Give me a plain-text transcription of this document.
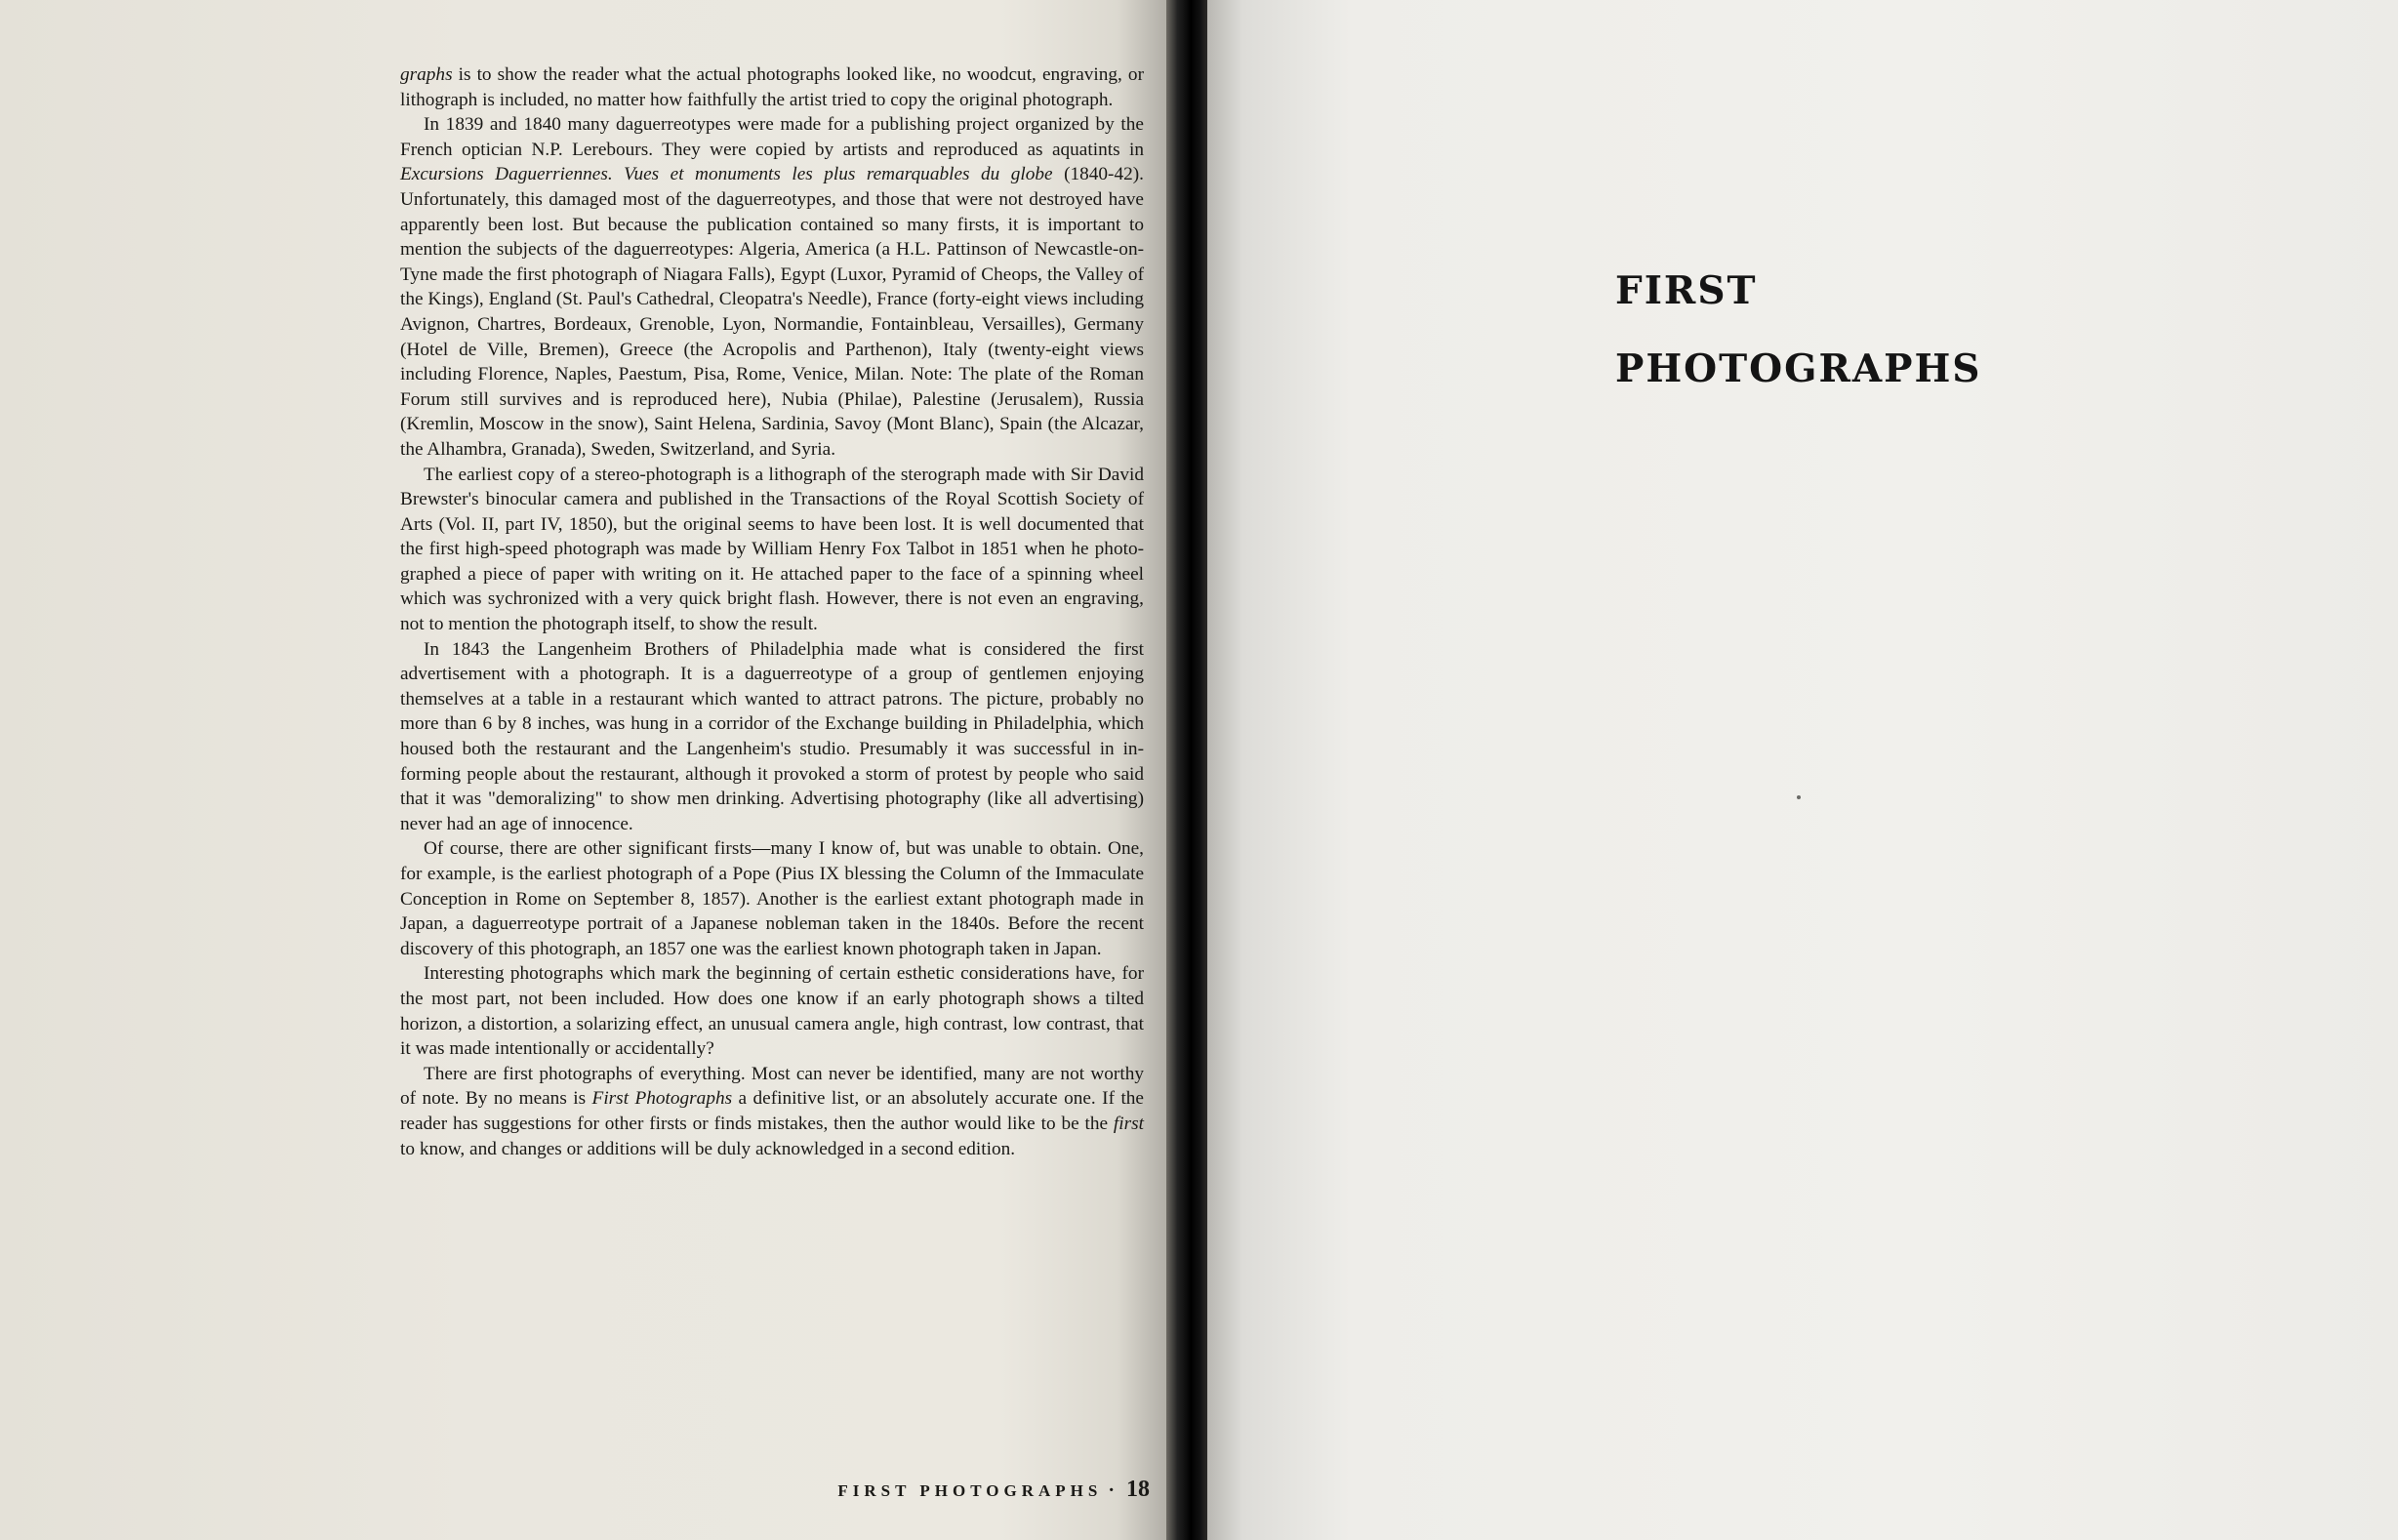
graphs is to show the reader what the actual photographs looked like, no woodcut, engraving, or lithograph is included, no matter how faithfully the artist tried to copy the original photograph.

In 1839 and 1840 many daguerreotypes were made for a publishing project organized by the French optician N.P. Lerebours. They were copied by artists and reproduced as aquatints in Excursions Daguerriennes. Vues et monuments les plus remarquables du globe (1840-42). Unfortunately, this damaged most of the daguerreotypes, and those that were not destroyed have apparently been lost. But because the publication contained so many firsts, it is important to mention the subjects of the daguerreotypes: Algeria, America (a H.L. Pattinson of Newcastle-on-Tyne made the first photograph of Niagara Falls), Egypt (Luxor, Pyramid of Cheops, the Valley of the Kings), England (St. Paul's Cathedral, Cleopatra's Needle), France (forty-eight views including Avignon, Chartres, Bordeaux, Grenoble, Lyon, Normandie, Fontainbleau, Versailles), Germany (Hotel de Ville, Bremen), Greece (the Acropolis and Parthenon), Italy (twenty-eight views including Florence, Naples, Paestum, Pisa, Rome, Venice, Milan. Note: The plate of the Roman Forum still survives and is reproduced here), Nubia (Philae), Palestine (Jerusalem), Russia (Kremlin, Moscow in the snow), Saint Helena, Sardinia, Savoy (Mont Blanc), Spain (the Alcazar, the Alhambra, Granada), Sweden, Switzerland, and Syria.

The earliest copy of a stereo-photograph is a lithograph of the sterograph made with Sir David Brewster's binocular camera and published in the Transactions of the Royal Scottish Society of Arts (Vol. II, part IV, 1850), but the original seems to have been lost. It is well documented that the first high-speed photograph was made by William Henry Fox Talbot in 1851 when he photographed a piece of paper with writing on it. He attached paper to the face of a spinning wheel which was sychronized with a very quick bright flash. However, there is not even an engraving, not to mention the photograph itself, to show the result.

In 1843 the Langenheim Brothers of Philadelphia made what is considered the first advertisement with a photograph. It is a daguerreotype of a group of gentlemen enjoying themselves at a table in a restaurant which wanted to attract patrons. The picture, probably no more than 6 by 8 inches, was hung in a corridor of the Exchange building in Philadelphia, which housed both the restaurant and the Langenheim's studio. Presumably it was successful in informing people about the restaurant, although it provoked a storm of protest by people who said that it was "demoralizing" to show men drinking. Advertising photography (like all advertising) never had an age of innocence.

Of course, there are other significant firsts—many I know of, but was unable to obtain. One, for example, is the earliest photograph of a Pope (Pius IX blessing the Column of the Immaculate Conception in Rome on September 8, 1857). Another is the earliest extant photograph made in Japan, a daguerreotype portrait of a Japanese nobleman taken in the 1840s. Before the recent discovery of this photograph, an 1857 one was the earliest known photograph taken in Japan.

Interesting photographs which mark the beginning of certain esthetic considerations have, for the most part, not been included. How does one know if an early photograph shows a tilted horizon, a distortion, a solarizing effect, an unusual camera angle, high contrast, low contrast, that it was made intentionally or accidentally?

There are first photographs of everything. Most can never be identified, many are not worthy of note. By no means is First Photographs a definitive list, or an absolutely accurate one. If the reader has suggestions for other firsts or finds mistakes, then the author would like to be the first to know, and changes or additions will be duly acknowledged in a second edition.

FIRST PHOTOGRAPHS · 18
FIRST
PHOTOGRAPHS
